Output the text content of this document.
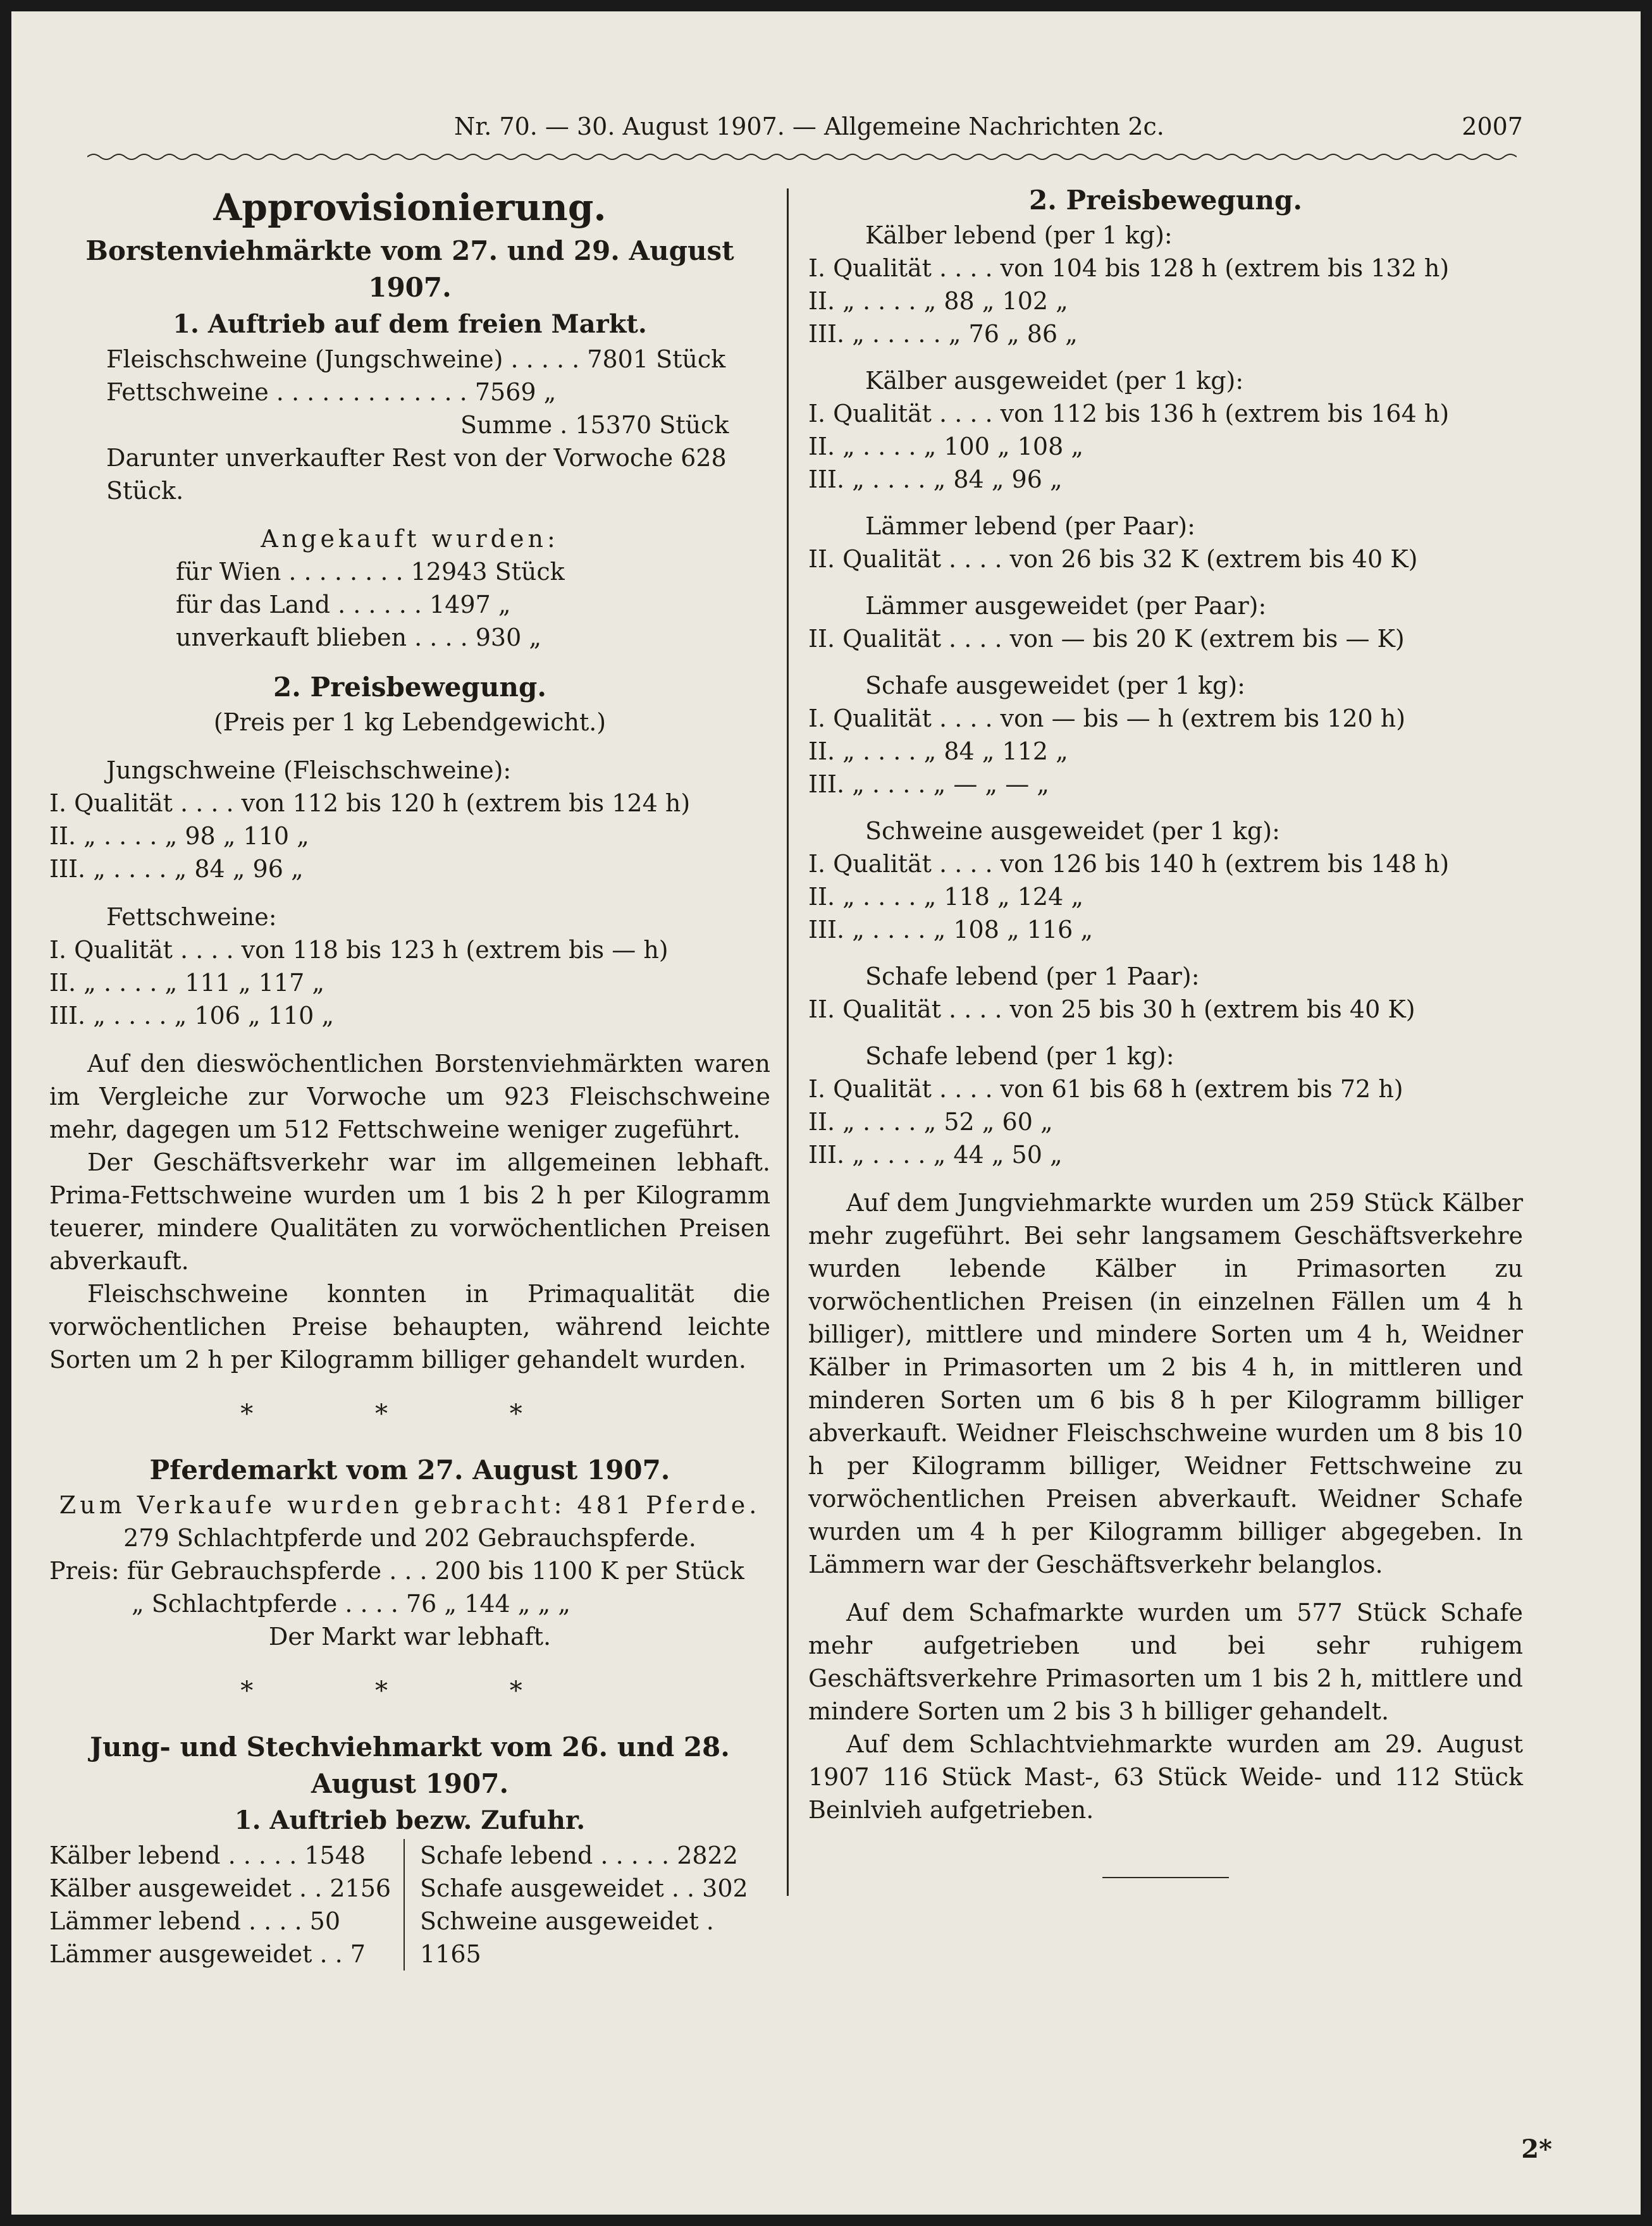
Nr. 70. — 30. August 1907. — Allgemeine Nachrichten 2c.	2007
Approvisionierung.
Borstenviehmärkte vom 27. und 29. August 1907.
1. Auftrieb auf dem freien Markt.
Fleischschweine (Jungschweine) . . . . . 7801 Stück
Fettschweine . . . . . . . . . . . . . 7569 „
Summe . 15370 Stück
Darunter unverkaufter Rest von der Vorwoche 628 Stück.
Angekauft wurden:
für Wien . . . . . . . . 12943 Stück
für das Land . . . . . . 1497 „
unverkauft blieben . . . . 930 „
2. Preisbewegung.
(Preis per 1 kg Lebendgewicht.)
Jungschweine (Fleischschweine):
I. Qualität . . . . von 112 bis 120 h (extrem bis 124 h)
II. „ . . . . „ 98 „ 110 „
III. „ . . . . „ 84 „ 96 „
Fettschweine:
I. Qualität . . . . von 118 bis 123 h (extrem bis — h)
II. „ . . . . „ 111 „ 117 „
III. „ . . . . „ 106 „ 110 „

Auf den dieswöchentlichen Borstenviehmärkten waren im Vergleiche zur Vorwoche um 923 Fleischschweine mehr, dagegen um 512 Fettschweine weniger zugeführt.

Der Geschäftsverkehr war im allgemeinen lebhaft. Prima-Fettschweine wurden um 1 bis 2 h per Kilogramm teuerer, mindere Qualitäten zu vorwöchentlichen Preisen abverkauft.

Fleischschweine konnten in Primaqualität die vorwöchentlichen Preise behaupten, während leichte Sorten um 2 h per Kilogramm billiger gehandelt wurden.

* * *
Pferdemarkt vom 27. August 1907.
Zum Verkaufe wurden gebracht: 481 Pferde.
279 Schlachtpferde und 202 Gebrauchspferde.
Preis: für Gebrauchspferde . . . 200 bis 1100 K per Stück
„ Schlachtpferde . . . . 76 „ 144 „ „ „
Der Markt war lebhaft.
* * *
Jung- und Stechviehmarkt vom 26. und 28. August 1907.
1. Auftrieb bezw. Zufuhr.
Kälber lebend . . . . . 1548
Kälber ausgeweidet . . 2156
Lämmer lebend . . . . 50
Lämmer ausgeweidet . . 7
Schafe lebend . . . . . 2822
Schafe ausgeweidet . . 302
Schweine ausgeweidet . 1165
2. Preisbewegung.
Kälber lebend (per 1 kg):
I. Qualität . . . . von 104 bis 128 h (extrem bis 132 h)
II. „ . . . . „ 88 „ 102 „
III. „ . . . . . „ 76 „ 86 „
Kälber ausgeweidet (per 1 kg):
I. Qualität . . . . von 112 bis 136 h (extrem bis 164 h)
II. „ . . . . „ 100 „ 108 „
III. „ . . . . „ 84 „ 96 „
Lämmer lebend (per Paar):
II. Qualität . . . . von 26 bis 32 K (extrem bis 40 K)
Lämmer ausgeweidet (per Paar):
II. Qualität . . . . von — bis 20 K (extrem bis — K)
Schafe ausgeweidet (per 1 kg):
I. Qualität . . . . von — bis — h (extrem bis 120 h)
II. „ . . . . „ 84 „ 112 „
III. „ . . . . „ — „ — „
Schweine ausgeweidet (per 1 kg):
I. Qualität . . . . von 126 bis 140 h (extrem bis 148 h)
II. „ . . . . „ 118 „ 124 „
III. „ . . . . „ 108 „ 116 „
Schafe lebend (per 1 Paar):
II. Qualität . . . . von 25 bis 30 h (extrem bis 40 K)
Schafe lebend (per 1 kg):
I. Qualität . . . . von 61 bis 68 h (extrem bis 72 h)
II. „ . . . . „ 52 „ 60 „
III. „ . . . . „ 44 „ 50 „

Auf dem Jungviehmarkte wurden um 259 Stück Kälber mehr zugeführt. Bei sehr langsamem Geschäftsverkehre wurden lebende Kälber in Primasorten zu vorwöchentlichen Preisen (in einzelnen Fällen um 4 h billiger), mittlere und mindere Sorten um 4 h, Weidner Kälber in Primasorten um 2 bis 4 h, in mittleren und minderen Sorten um 6 bis 8 h per Kilogramm billiger abverkauft. Weidner Fleischschweine wurden um 8 bis 10 h per Kilogramm billiger, Weidner Fettschweine zu vorwöchentlichen Preisen abverkauft. Weidner Schafe wurden um 4 h per Kilogramm billiger abgegeben. In Lämmern war der Geschäftsverkehr belanglos.

Auf dem Schafmarkte wurden um 577 Stück Schafe mehr aufgetrieben und bei sehr ruhigem Geschäftsverkehre Primasorten um 1 bis 2 h, mittlere und mindere Sorten um 2 bis 3 h billiger gehandelt.

Auf dem Schlachtviehmarkte wurden am 29. August 1907 116 Stück Mast-, 63 Stück Weide- und 112 Stück Beinlvieh aufgetrieben.

2*
